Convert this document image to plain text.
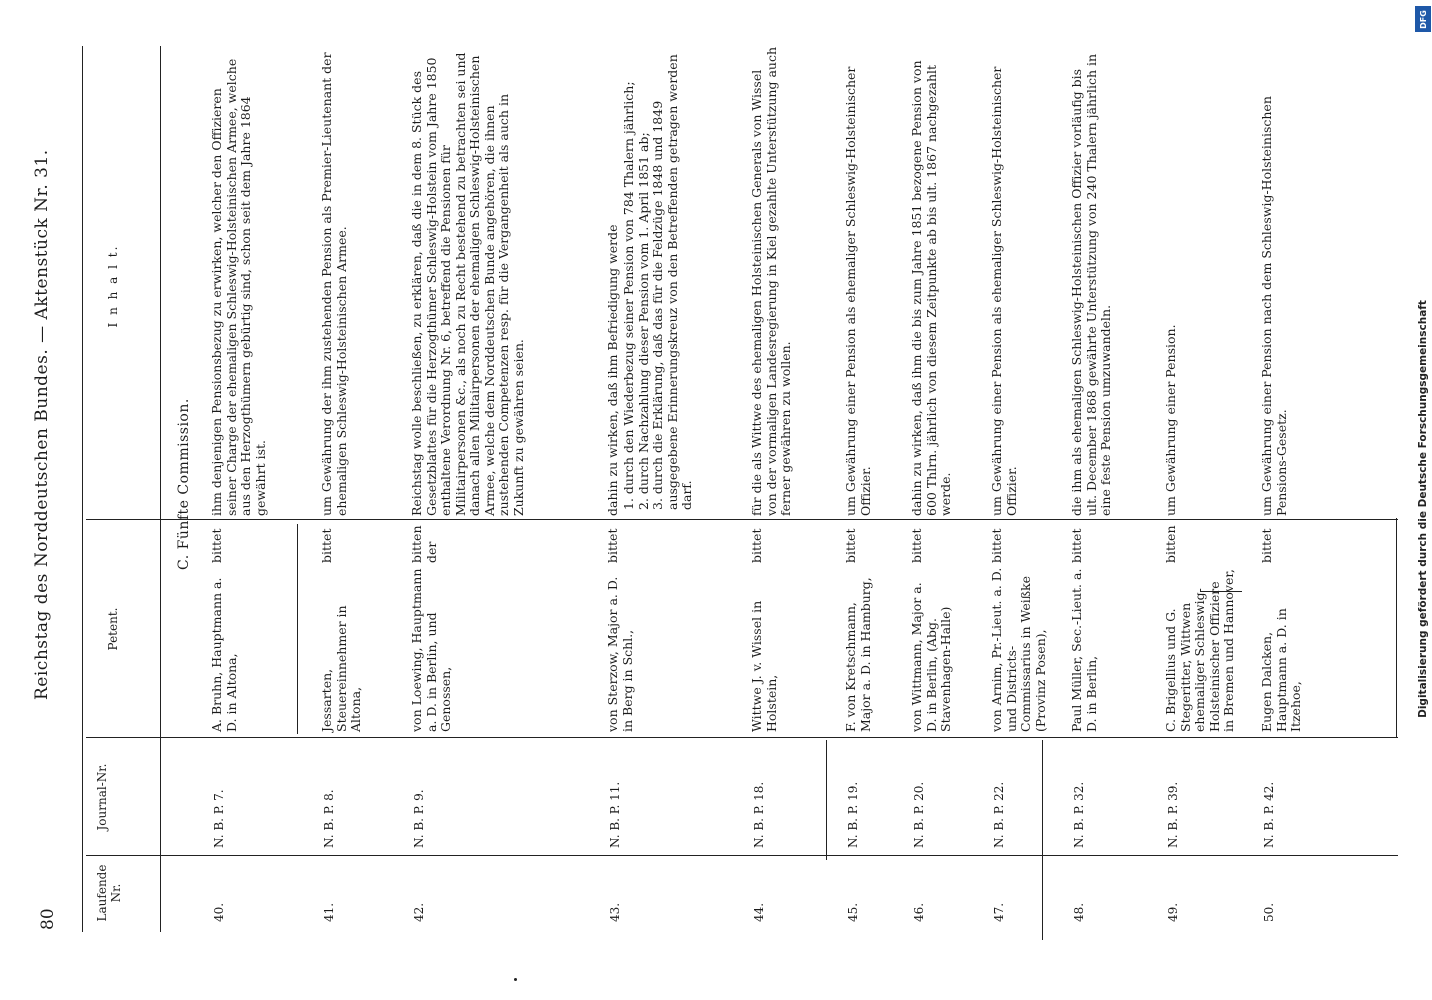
80
Reichstag des Norddeutschen Bundes. — Aktenstück Nr. 31.
Laufende Nr.
Journal-Nr.
Petent.
I n h a l t.
C. Fünfte Commission.
40.
N. B. P. 7.
A. Bruhn, Hauptmann a. D. in Altona,
bittet
ihm denjenigen Pensionsbezug zu erwirken, welcher den Offizieren seiner Charge der ehemaligen Schleswig-Holsteinischen Armee, welche aus den Herzogthümern gebürtig sind, schon seit dem Jahre 1864 gewährt ist.
41.
N. B. P. 8.
Jessarten, Steuereinnehmer in Altona,
bittet
um Gewährung der ihm zustehenden Pension als Premier-Lieutenant der ehemaligen Schleswig-Holsteinischen Armee.
42.
N. B. P. 9.
von Loewing, Hauptmann a. D. in Berlin, und Genossen,
bitten der
Reichstag wolle beschließen, zu erklären, daß die in dem 8. Stück des Gesetzblattes für die Herzogthümer Schleswig-Holstein vom Jahre 1850 enthaltene Verordnung Nr. 6, betreffend die Pensionen für Militairpersonen &c., als noch zu Recht bestehend zu betrachten sei und danach allen Militairpersonen der ehemaligen Schleswig-Holsteinischen Armee, welche dem Norddeutschen Bunde angehören, die ihnen zustehenden Competenzen resp. für die Vergangenheit als auch in Zukunft zu gewähren seien.
43.
N. B. P. 11.
von Sterzow, Major a. D. in Berg in Schl.,
bittet
dahin zu wirken, daß ihm Befriedigung werde 1. durch den Wiederbezug seiner Pension von 784 Thalern jährlich; 2. durch Nachzahlung dieser Pension vom 1. April 1851 ab; 3. durch die Erklärung, daß das für die Feldzüge 1848 und 1849 ausgegebene Erinnerungskreuz von den Betreffenden getragen werden darf.
44.
N. B. P. 18.
Wittwe J. v. Wissel in Holstein,
bittet
für die als Wittwe des ehemaligen Holsteinischen Generals von Wissel von der vormaligen Landesregierung in Kiel gezahlte Unterstützung auch ferner gewähren zu wollen.
45.
N. B. P. 19.
F. von Kretschmann, Major a. D. in Hamburg,
bittet
um Gewährung einer Pension als ehemaliger Schleswig-Holsteinischer Offizier.
46.
N. B. P. 20.
von Wittmann, Major a. D. in Berlin, (Abg. Stavenhagen-Halle)
bittet
dahin zu wirken, daß ihm die bis zum Jahre 1851 bezogene Pension von 600 Thlrn. jährlich von diesem Zeitpunkte ab bis ult. 1867 nachgezahlt werde.
47.
N. B. P. 22.
von Arnim, Pr.-Lieut. a. D. und Districts-Commissarius in Weißke (Provinz Posen),
bittet
um Gewährung einer Pension als ehemaliger Schleswig-Holsteinischer Offizier.
48.
N. B. P. 32.
Paul Müller, Sec.-Lieut. a. D. in Berlin,
bittet
die ihm als ehemaligen Schleswig-Holsteinischen Offizier vorläufig bis ult. December 1868 gewährte Unterstützung von 240 Thalern jährlich in eine feste Pension umzuwandeln.
49.
N. B. P. 39.
C. Brigellius und G. Stegeritter, Wittwen ehemaliger Schleswig-Holsteinischer Offiziere in Bremen und Hannover,
bitten
um Gewährung einer Pension.
50.
N. B. P. 42.
Eugen Dalcken, Hauptmann a. D. in Itzehoe,
bittet
um Gewährung einer Pension nach dem Schleswig-Holsteinischen Pensions-Gesetz.
DFG
Digitalisierung gefördert durch die Deutsche Forschungsgemeinschaft
